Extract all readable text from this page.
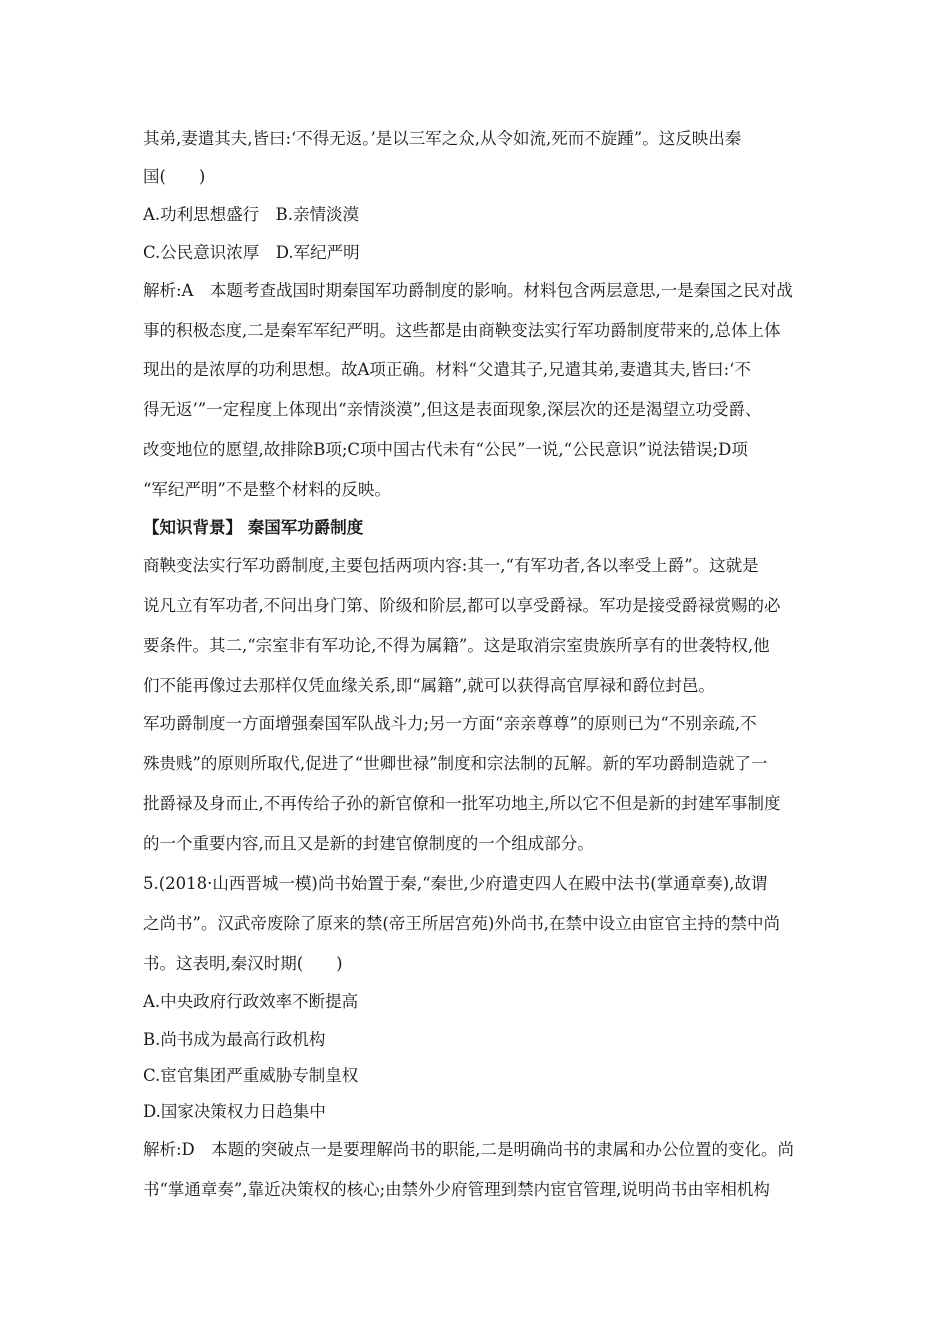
其弟,妻遣其夫,皆曰:‘不得无返。’是以三军之众,从令如流,死而不旋踵”。这反映出秦
国(　　)
A.功利思想盛行　B.亲情淡漠
C.公民意识浓厚　D.军纪严明
解析:A　本题考查战国时期秦国军功爵制度的影响。材料包含两层意思,一是秦国之民对战
事的积极态度,二是秦军军纪严明。这些都是由商鞅变法实行军功爵制度带来的,总体上体
现出的是浓厚的功利思想。故A项正确。材料“父遣其子,兄遣其弟,妻遣其夫,皆曰:‘不
得无返’”一定程度上体现出“亲情淡漠”,但这是表面现象,深层次的还是渴望立功受爵、
改变地位的愿望,故排除B项;C项中国古代未有“公民”一说,“公民意识”说法错误;D项
“军纪严明”不是整个材料的反映。
【知识背景】 秦国军功爵制度
商鞅变法实行军功爵制度,主要包括两项内容:其一,“有军功者,各以率受上爵”。这就是
说凡立有军功者,不问出身门第、阶级和阶层,都可以享受爵禄。军功是接受爵禄赏赐的必
要条件。其二,“宗室非有军功论,不得为属籍”。这是取消宗室贵族所享有的世袭特权,他
们不能再像过去那样仅凭血缘关系,即“属籍”,就可以获得高官厚禄和爵位封邑。
军功爵制度一方面增强秦国军队战斗力;另一方面“亲亲尊尊”的原则已为“不别亲疏,不
殊贵贱”的原则所取代,促进了“世卿世禄”制度和宗法制的瓦解。新的军功爵制造就了一
批爵禄及身而止,不再传给子孙的新官僚和一批军功地主,所以它不但是新的封建军事制度
的一个重要内容,而且又是新的封建官僚制度的一个组成部分。
5.(2018·山西晋城一模)尚书始置于秦,“秦世,少府遣吏四人在殿中法书(掌通章奏),故谓
之尚书”。汉武帝废除了原来的禁(帝王所居宫苑)外尚书,在禁中设立由宦官主持的禁中尚
书。这表明,秦汉时期(　　)
A.中央政府行政效率不断提高
B.尚书成为最高行政机构
C.宦官集团严重威胁专制皇权
D.国家决策权力日趋集中
解析:D　本题的突破点一是要理解尚书的职能,二是明确尚书的隶属和办公位置的变化。尚
书“掌通章奏”,靠近决策权的核心;由禁外少府管理到禁内宦官管理,说明尚书由宰相机构
